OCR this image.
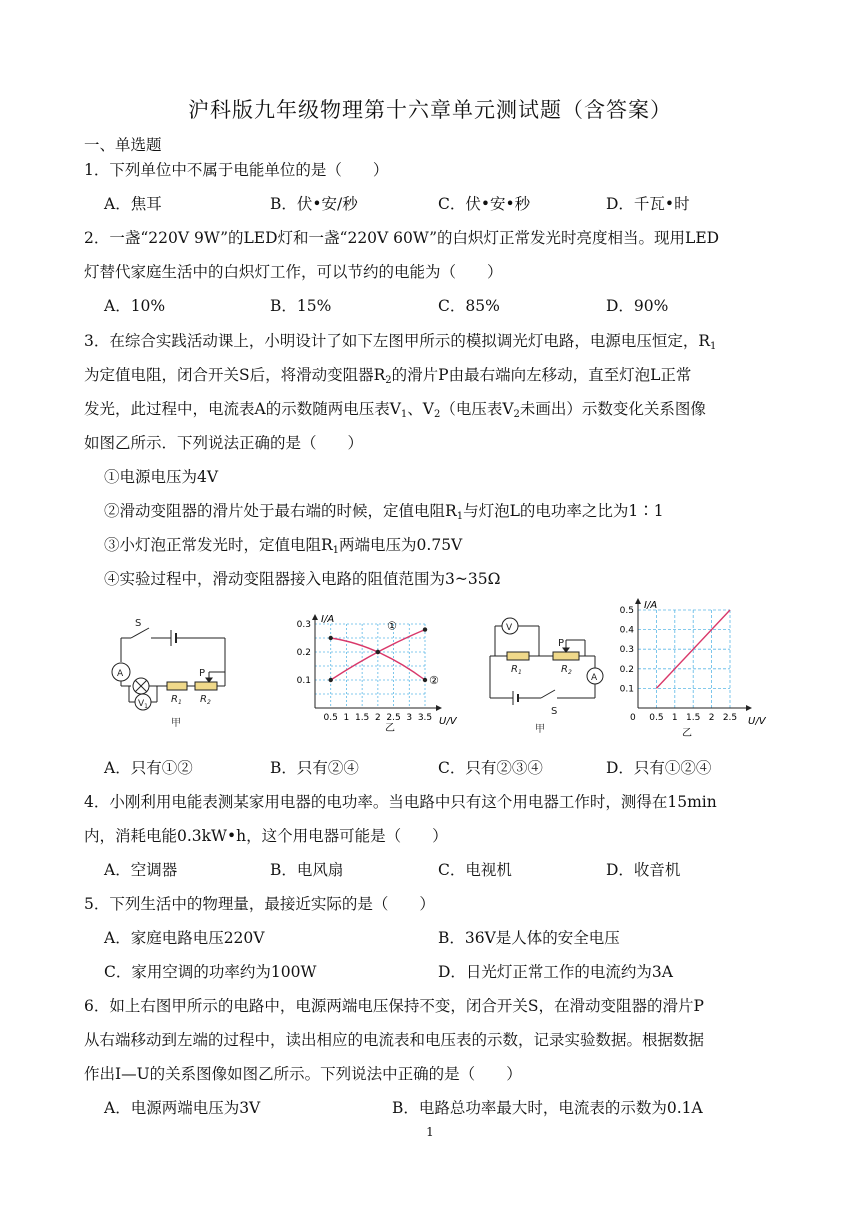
沪科版九年级物理第十六章单元测试题（含答案）
一、单选题
1．下列单位中不属于电能单位的是（　　）
A．焦耳	B．伏•安/秒	C．伏•安•秒	D．千瓦•时
2．一盏“220V 9W”的LED灯和一盏“220V 60W”的白炽灯正常发光时亮度相当。现用LED
灯替代家庭生活中的白炽灯工作，可以节约的电能为（　　）
A．10%	B．15%	C．85%	D．90%
3．在综合实践活动课上，小明设计了如下左图甲所示的模拟调光灯电路，电源电压恒定，$R_1$
为定值电阻，闭合开关S后，将滑动变阻器$R_2$的滑片P由最右端向左移动，直至灯泡L正常
发光，此过程中，电流表A的示数随两电压表$V_1$、$V_2$（电压表$V_2$未画出）示数变化关系图像
如图乙所示．下列说法正确的是（　　）
①电源电压为4V
②滑动变阻器的滑片处于最右端的时候，定值电阻$R_1$与灯泡L的电功率之比为1∶1
③小灯泡正常发光时，定值电阻$R_1$两端电压为0.75V
④实验过程中，滑动变阻器接入电路的阻值范围为3~35Ω
S
A
$V_1$
P
$R_1$ $R_2$
甲
I/A
U/V
乙
①
②
0.3
0.2
0.1
0.5 1 1.5 2 2.5 3 3.5
V
P
$R_1$	$R_2$
A
S
甲
I/A
U/V
乙
0
0.5
0.4
0.3
0.2
0.1
0.5 1 1.5 2 2.5
A．只有①②	B．只有②④	C．只有②③④	D．只有①②④
4．小刚利用电能表测某家用电器的电功率。当电路中只有这个用电器工作时，测得在15min
内，消耗电能0.3kW•h，这个用电器可能是（　　）
A．空调器	B．电风扇	C．电视机	D．收音机
5．下列生活中的物理量，最接近实际的是（　　）
A．家庭电路电压220V	B．36V是人体的安全电压
C．家用空调的功率约为100W	D．日光灯正常工作的电流约为3A
6．如上右图甲所示的电路中，电源两端电压保持不变，闭合开关S，在滑动变阻器的滑片P
从右端移动到左端的过程中，读出相应的电流表和电压表的示数，记录实验数据。根据数据
作出I—U的关系图像如图乙所示。下列说法中正确的是（　　）
A．电源两端电压为3V	B．电路总功率最大时，电流表的示数为0.1A
1
